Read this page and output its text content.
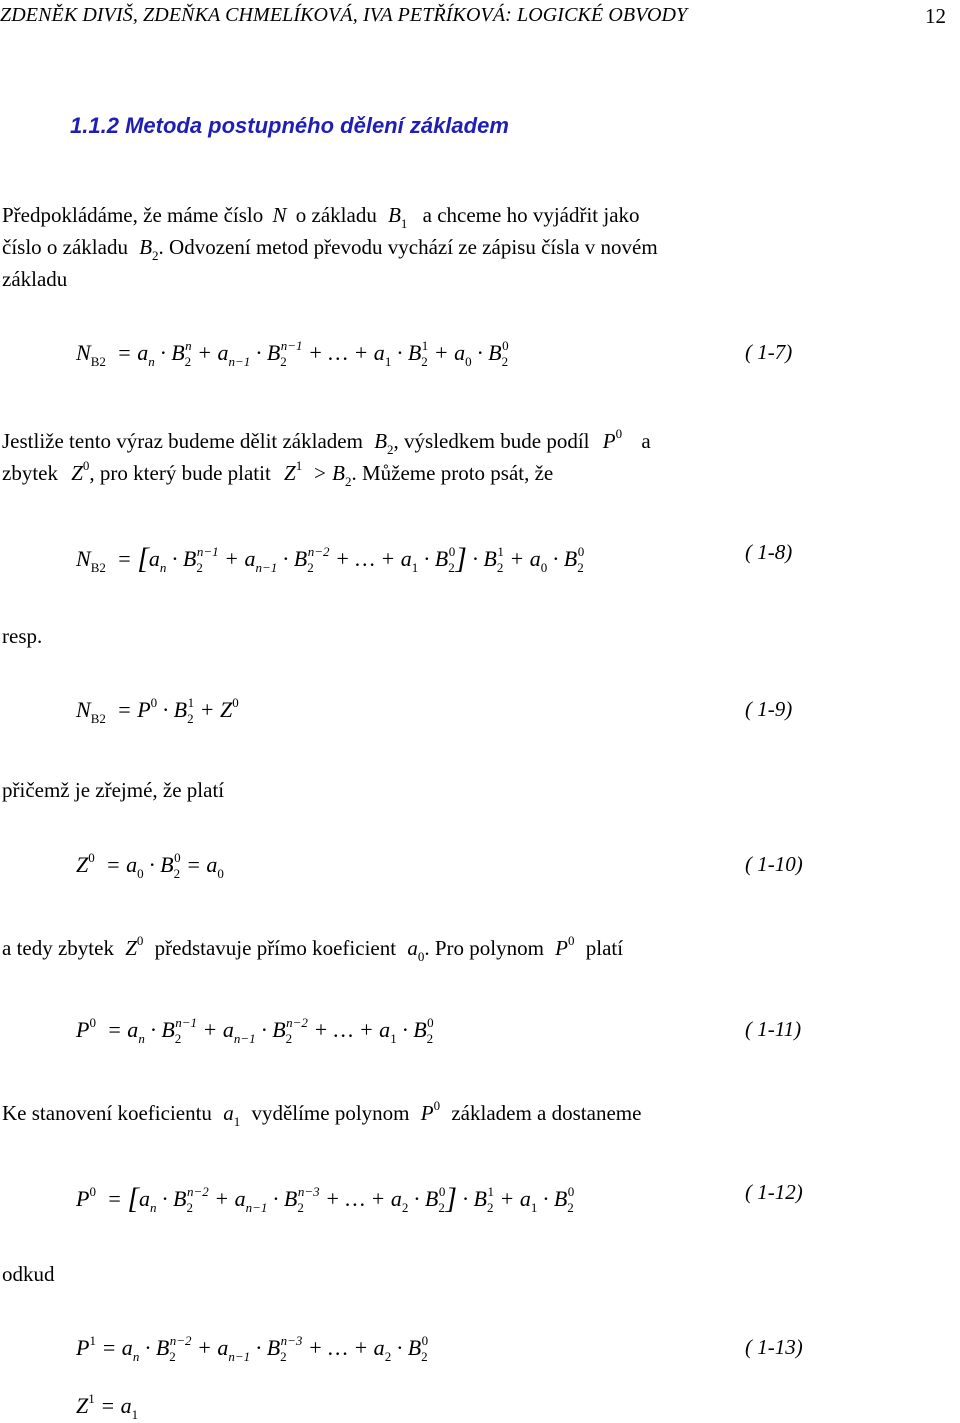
ZDENĚK DIVIŠ, ZDEŇKA CHMELÍKOVÁ, IVA PETŘÍKOVÁ: LOGICKÉ OBVODY	12
1.1.2 Metoda postupného dělení základem
Předpokládáme, že máme číslo N o základu $B_1$ a chceme ho vyjádřit jako
číslo o základu $B_2$. Odvození metod převodu vychází ze zápisu čísla v novém
základu
$N_{B2} = a_n \cdot B_2^n + a_{n-1} \cdot B_2^{n-1}$ + … + $a_1 \cdot B_2^1 + a_0 \cdot B_2^0$	( 1-7)
Jestliže tento výraz budeme dělit základem $B_2$, výsledkem bude podíl $P^0$ a
zbytek $Z^0$, pro který bude platit $Z^1 > B_2$. Můžeme proto psát, že
$N_{B2} = [a_n \cdot B_2^{n-1} + a_{n-1} \cdot B_2^{n-2}$ + … + $a_1 \cdot B_2^0] \cdot B_2^1 + a_0 \cdot B_2^0$	( 1-8)
resp.
$N_{B2} = P^0 \cdot B_2^1 + Z^0$	( 1-9)
přičemž je zřejmé, že platí
$Z^0 = a_0 \cdot B_2^0 = a_0$	( 1-10)
a tedy zbytek $Z^0$ představuje přímo koeficient $a_0$. Pro polynom $P^0$ platí
$P^0 = a_n \cdot B_2^{n-1} + a_{n-1} \cdot B_2^{n-2}$ + … + $a_1 \cdot B_2^0$	( 1-11)
Ke stanovení koeficientu $a_1$ vydělíme polynom $P^0$ základem a dostaneme
$P^0 = [a_n \cdot B_2^{n-2} + a_{n-1} \cdot B_2^{n-3}$ + … + $a_2 \cdot B_2^0] \cdot B_2^1 + a_1 \cdot B_2^0$	( 1-12)
odkud
$P^1 = a_n \cdot B_2^{n-2} + a_{n-1} \cdot B_2^{n-3}$ + … + $a_2 \cdot B_2^0$	( 1-13)
$Z^1 = a_1$
